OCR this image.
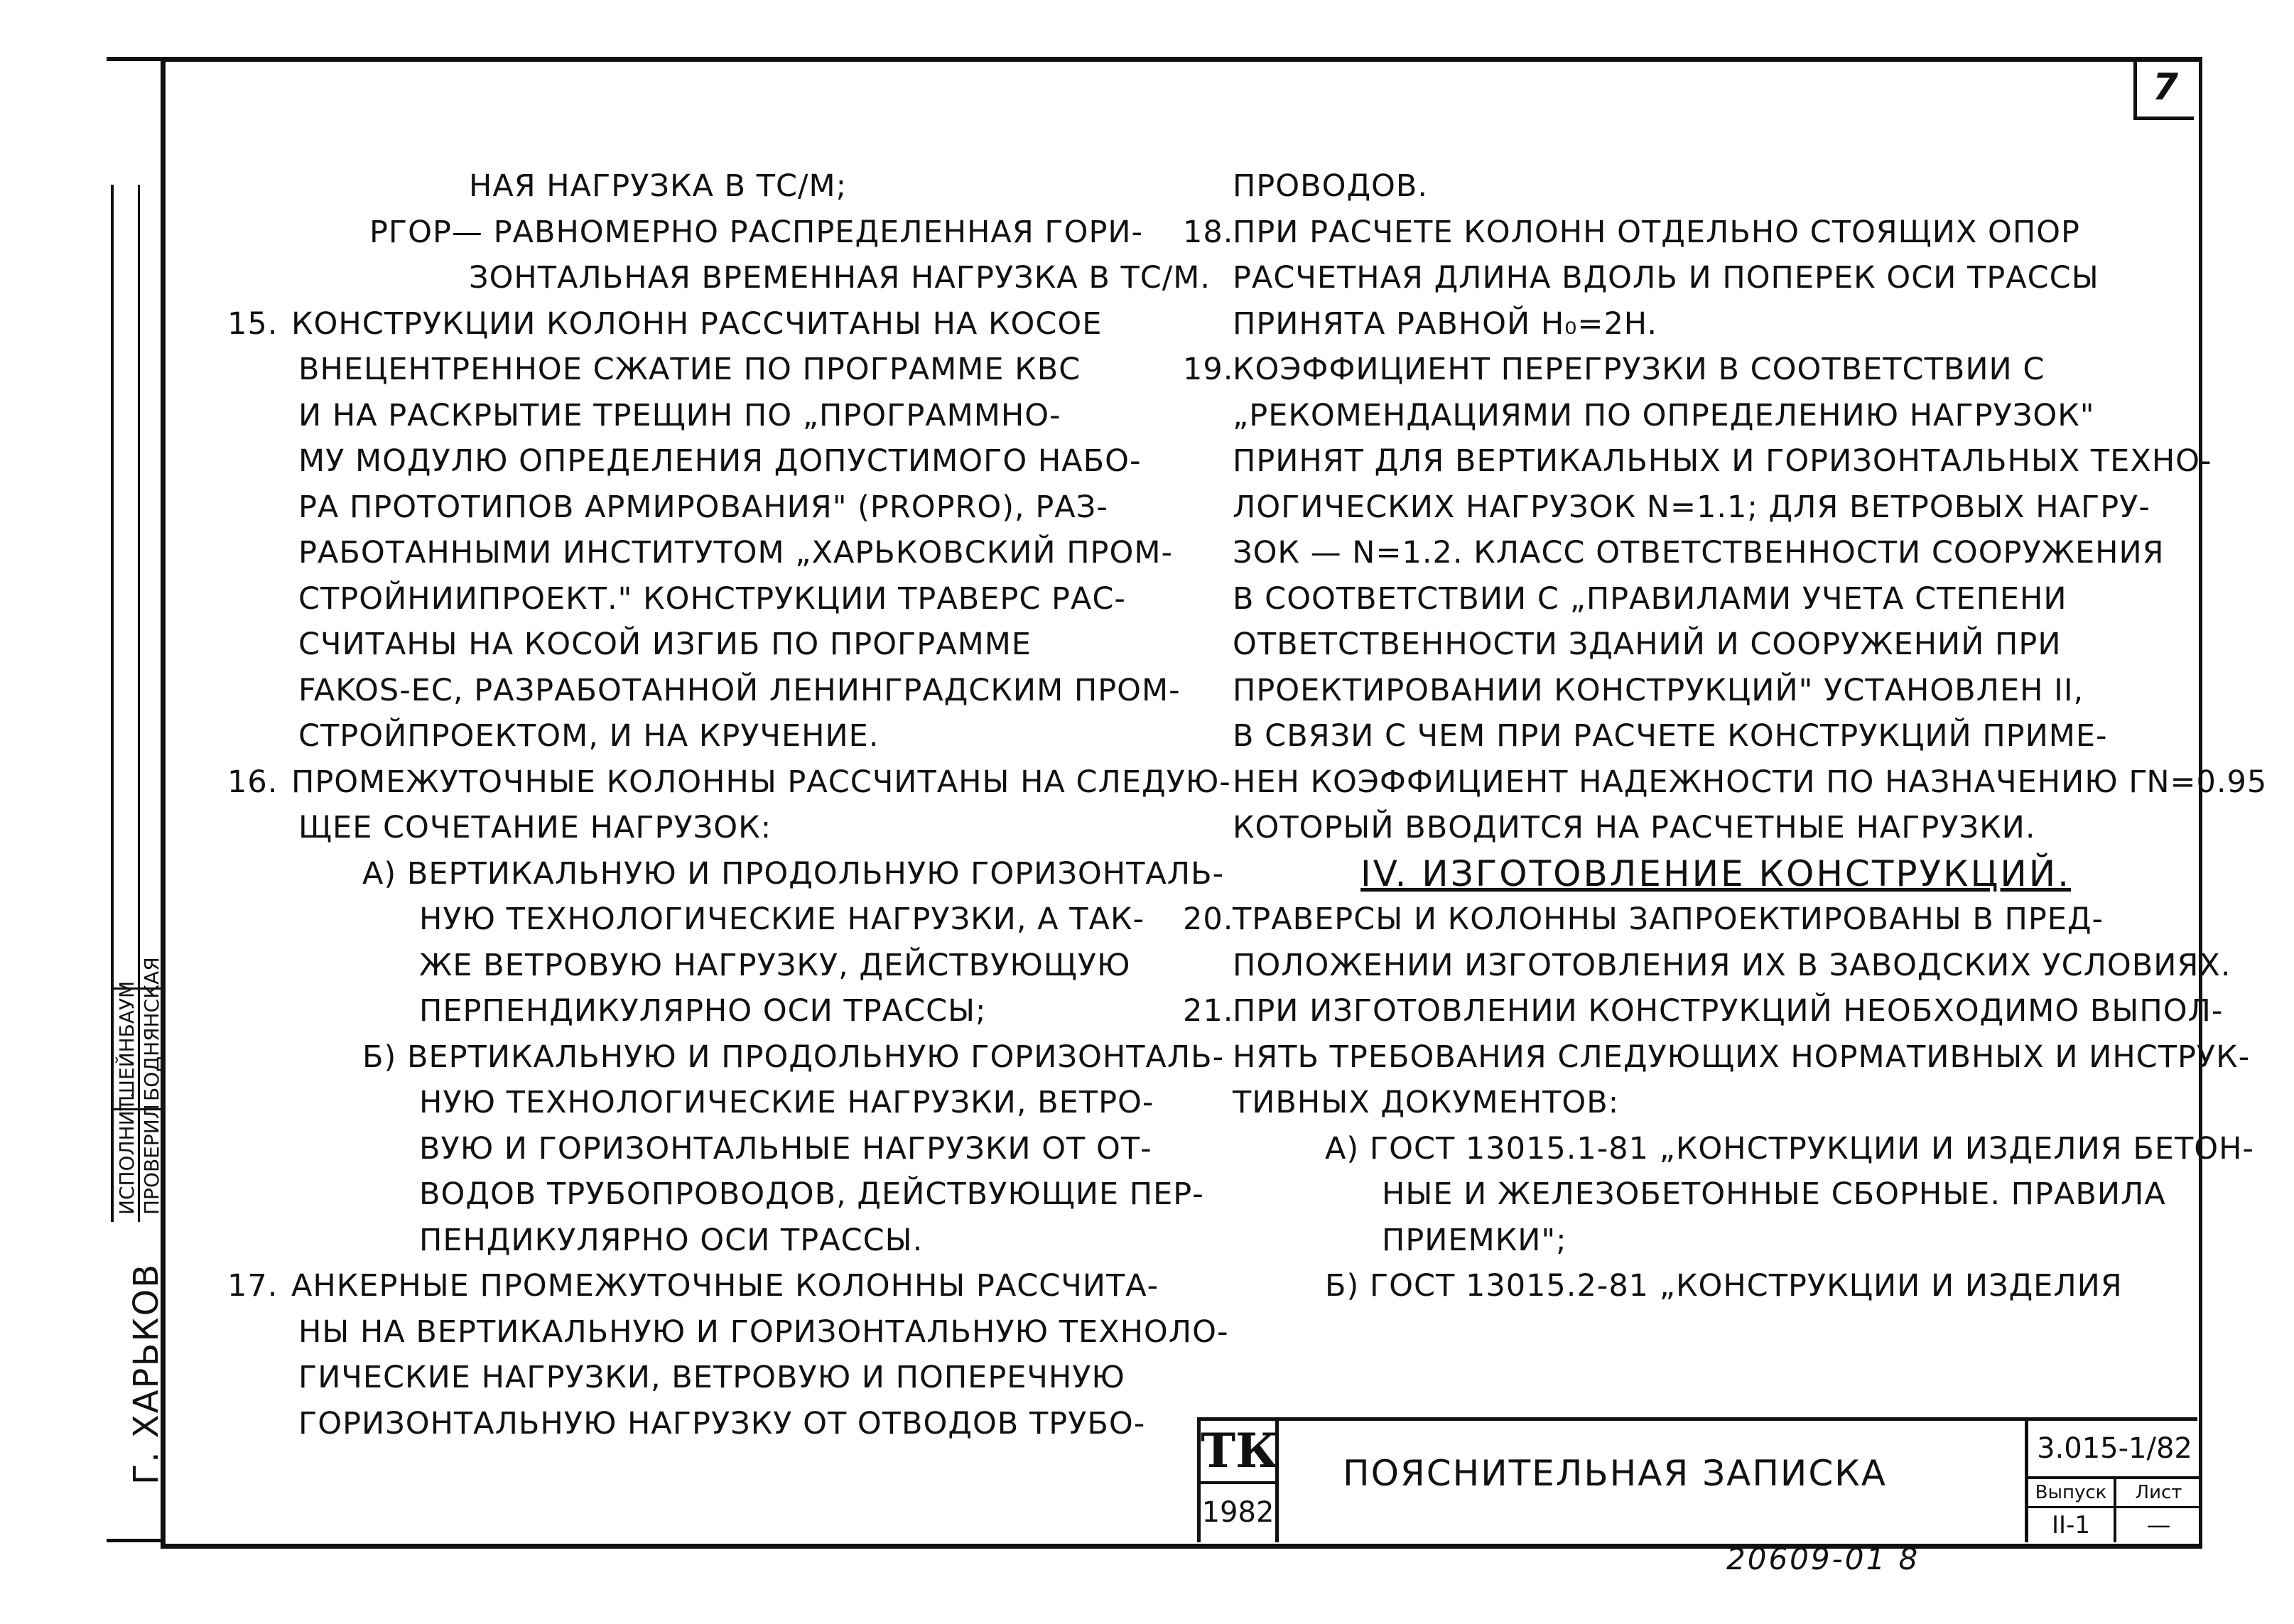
7

НАЯ НАГРУЗКА В ТС/М;

PГОР— РАВНОМЕРНО РАСПРЕДЕЛЕННАЯ ГОРИ-

ЗОНТАЛЬНАЯ ВРЕМЕННАЯ НАГРУЗКА В ТС/М.

15. КОНСТРУКЦИИ КОЛОНН РАССЧИТАНЫ НА КОСОЕ

ВНЕЦЕНТРЕННОЕ СЖАТИЕ ПО ПРОГРАММЕ КВС

И НА РАСКРЫТИЕ ТРЕЩИН ПО „ПРОГРАММНО-

МУ МОДУЛЮ ОПРЕДЕЛЕНИЯ ДОПУСТИМОГО НАБО-

РА ПРОТОТИПОВ АРМИРОВАНИЯ" (PROPRO), РАЗ-

РАБОТАННЫМИ ИНСТИТУТОМ „ХАРЬКОВСКИЙ ПРОМ-

СТРОЙНИИПРОЕКТ." КОНСТРУКЦИИ ТРАВЕРС РАС-

СЧИТАНЫ НА КОСОЙ ИЗГИБ ПО ПРОГРАММЕ

FAKOS-EC, РАЗРАБОТАННОЙ ЛЕНИНГРАДСКИМ ПРОМ-

СТРОЙПРОЕКТОМ, И НА КРУЧЕНИЕ.

16. ПРОМЕЖУТОЧНЫЕ КОЛОННЫ РАССЧИТАНЫ НА СЛЕДУЮ-

ЩЕЕ СОЧЕТАНИЕ НАГРУЗОК:

А) ВЕРТИКАЛЬНУЮ И ПРОДОЛЬНУЮ ГОРИЗОНТАЛЬ-

НУЮ ТЕХНОЛОГИЧЕСКИЕ НАГРУЗКИ, А ТАК-

ЖЕ ВЕТРОВУЮ НАГРУЗКУ, ДЕЙСТВУЮЩУЮ

ПЕРПЕНДИКУЛЯРНО ОСИ ТРАССЫ;

Б) ВЕРТИКАЛЬНУЮ И ПРОДОЛЬНУЮ ГОРИЗОНТАЛЬ-

НУЮ ТЕХНОЛОГИЧЕСКИЕ НАГРУЗКИ, ВЕТРО-

ВУЮ И ГОРИЗОНТАЛЬНЫЕ НАГРУЗКИ ОТ ОТ-

ВОДОВ ТРУБОПРОВОДОВ, ДЕЙСТВУЮЩИЕ ПЕР-

ПЕНДИКУЛЯРНО ОСИ ТРАССЫ.

17. АНКЕРНЫЕ ПРОМЕЖУТОЧНЫЕ КОЛОННЫ РАССЧИТА-

НЫ НА ВЕРТИКАЛЬНУЮ И ГОРИЗОНТАЛЬНУЮ ТЕХНОЛО-

ГИЧЕСКИЕ НАГРУЗКИ, ВЕТРОВУЮ И ПОПЕРЕЧНУЮ

ГОРИЗОНТАЛЬНУЮ НАГРУЗКУ ОТ ОТВОДОВ ТРУБО-

ПРОВОДОВ.

18.ПРИ РАСЧЕТЕ КОЛОНН ОТДЕЛЬНО СТОЯЩИХ ОПОР

РАСЧЕТНАЯ ДЛИНА ВДОЛЬ И ПОПЕРЕК ОСИ ТРАССЫ

ПРИНЯТА РАВНОЙ H₀=2H.

19.КОЭФФИЦИЕНТ ПЕРЕГРУЗКИ В СООТВЕТСТВИИ С

„РЕКОМЕНДАЦИЯМИ ПО ОПРЕДЕЛЕНИЮ НАГРУЗОК"

ПРИНЯТ ДЛЯ ВЕРТИКАЛЬНЫХ И ГОРИЗОНТАЛЬНЫХ ТЕХНО-

ЛОГИЧЕСКИХ НАГРУЗОК N=1.1; ДЛЯ ВЕТРОВЫХ НАГРУ-

ЗОК — N=1.2. КЛАСС ОТВЕТСТВЕННОСТИ СООРУЖЕНИЯ

В СООТВЕТСТВИИ С „ПРАВИЛАМИ УЧЕТА СТЕПЕНИ

ОТВЕТСТВЕННОСТИ ЗДАНИЙ И СООРУЖЕНИЙ ПРИ

ПРОЕКТИРОВАНИИ КОНСТРУКЦИЙ" УСТАНОВЛЕН II,

В СВЯЗИ С ЧЕМ ПРИ РАСЧЕТЕ КОНСТРУКЦИЙ ПРИМЕ-

НЕН КОЭФФИЦИЕНТ НАДЕЖНОСТИ ПО НАЗНАЧЕНИЮ ΓN=0.95

КОТОРЫЙ ВВОДИТСЯ НА РАСЧЕТНЫЕ НАГРУЗКИ.

IV. ИЗГОТОВЛЕНИЕ КОНСТРУКЦИЙ.

20.ТРАВЕРСЫ И КОЛОННЫ ЗАПРОЕКТИРОВАНЫ В ПРЕД-

ПОЛОЖЕНИИ ИЗГОТОВЛЕНИЯ ИХ В ЗАВОДСКИХ УСЛОВИЯХ.

21.ПРИ ИЗГОТОВЛЕНИИ КОНСТРУКЦИЙ НЕОБХОДИМО ВЫПОЛ-

НЯТЬ ТРЕБОВАНИЯ СЛЕДУЮЩИХ НОРМАТИВНЫХ И ИНСТРУК-

ТИВНЫХ ДОКУМЕНТОВ:

А) ГОСТ 13015.1-81 „КОНСТРУКЦИИ И ИЗДЕЛИЯ БЕТОН-

НЫЕ И ЖЕЛЕЗОБЕТОННЫЕ СБОРНЫЕ. ПРАВИЛА

ПРИЕМКИ";

Б) ГОСТ 13015.2-81 „КОНСТРУКЦИИ И ИЗДЕЛИЯ

ИСПОЛНИТ. ПРОВЕРИЛ
ШЕЙНБАУМ БОДНЯНСКАЯ
Г. ХАРЬКОВ	ТК
1982
ПОЯСНИТЕЛЬНАЯ ЗАПИСКА
3.015-1/82
Выпуск
II-1
Лист
—
20609-01 8
